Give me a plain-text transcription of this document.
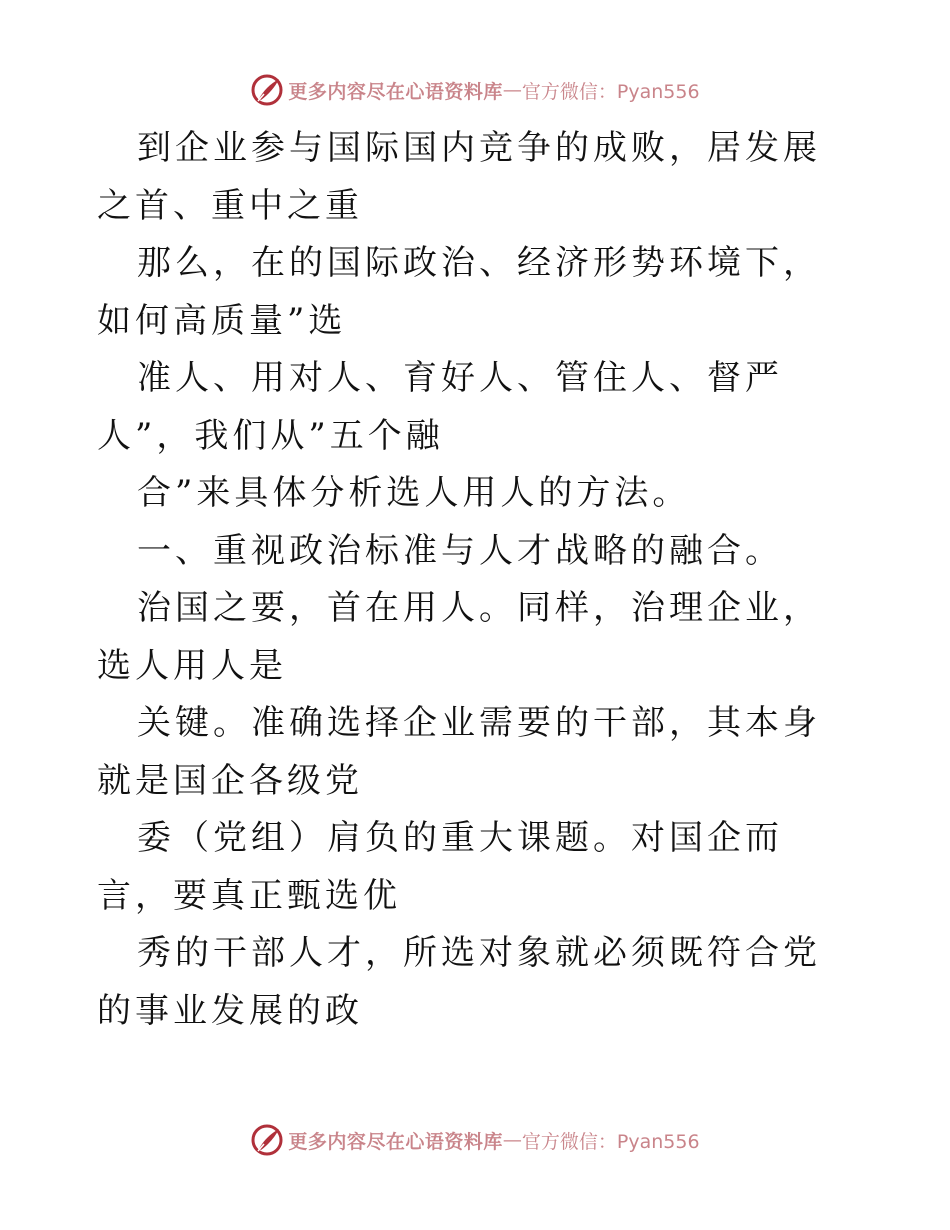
更多内容尽在心语资料库 — 官方微信：Pyan556

到企业参与国际国内竞争的成败，居发展之首、重中之重

那么，在的国际政治、经济形势环境下，如何高质量”选

准人、用对人、育好人、管住人、督严人”，我们从”五个融

合”来具体分析选人用人的方法。

一、重视政治标准与人才战略的融合。

治国之要，首在用人。同样，治理企业，选人用人是

关键。准确选择企业需要的干部，其本身就是国企各级党

委（党组）肩负的重大课题。对国企而言，要真正甄选优

秀的干部人才，所选对象就必须既符合党的事业发展的政

更多内容尽在心语资料库 — 官方微信：Pyan556
